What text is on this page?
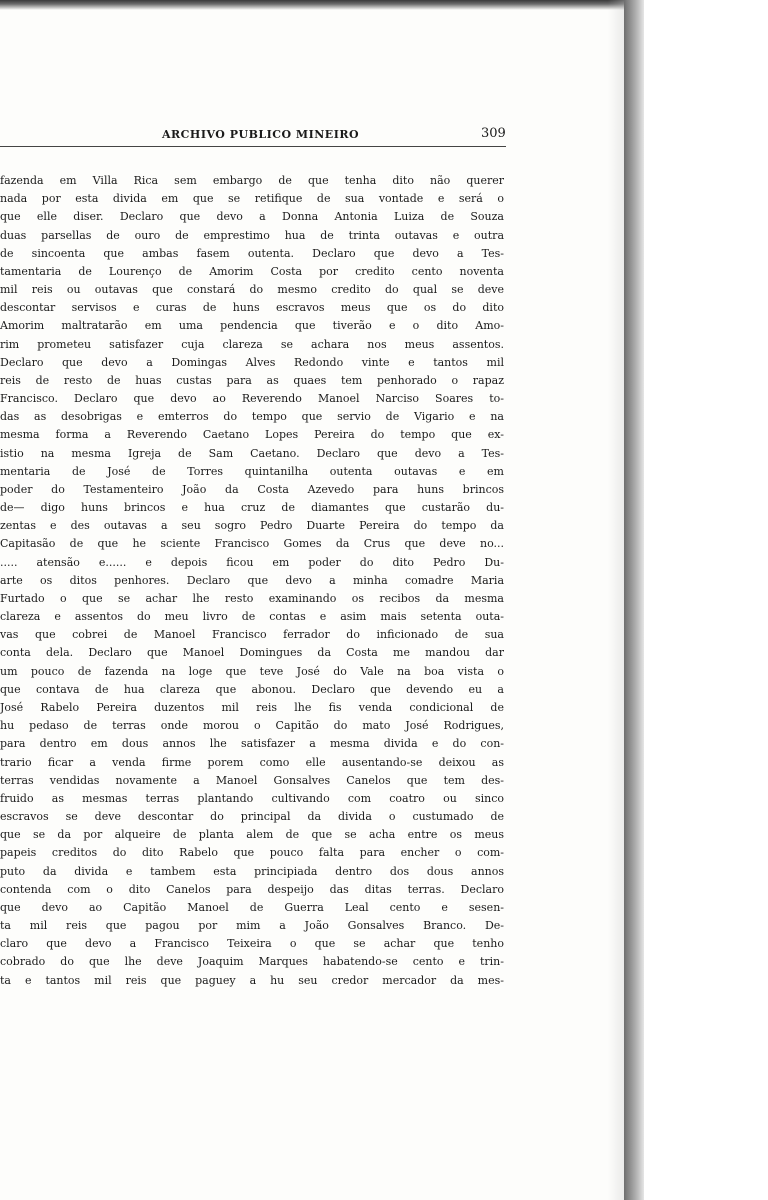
ARCHIVO PUBLICO MINEIRO	309
fazenda em Villa Rica sem embargo de que tenha dito não querer
nada por esta divida em que se retifique de sua vontade e será o
que elle diser. Declaro que devo a Donna Antonia Luiza de Souza
duas parsellas de ouro de emprestimo hua de trinta outavas e outra
de sincoenta que ambas fasem outenta. Declaro que devo a Tes-
tamentaria de Lourenço de Amorim Costa por credito cento noventa
mil reis ou outavas que constará do mesmo credito do qual se deve
descontar servisos e curas de huns escravos meus que os do dito
Amorim maltratarão em uma pendencia que tiverão e o dito Amo-
rim prometeu satisfazer cuja clareza se achara nos meus assentos.
Declaro que devo a Domingas Alves Redondo vinte e tantos mil
reis de resto de huas custas para as quaes tem penhorado o rapaz
Francisco. Declaro que devo ao Reverendo Manoel Narciso Soares to-
das as desobrigas e emterros do tempo que servio de Vigario e na
mesma forma a Reverendo Caetano Lopes Pereira do tempo que ex-
istio na mesma Igreja de Sam Caetano. Declaro que devo a Tes-
mentaria de José de Torres quintanilha outenta outavas e em
poder do Testamenteiro João da Costa Azevedo para huns brincos
de— digo huns brincos e hua cruz de diamantes que custarão du-
zentas e des outavas a seu sogro Pedro Duarte Pereira do tempo da
Capitasão de que he sciente Francisco Gomes da Crus que deve no...
..... atensão e...... e depois ficou em poder do dito Pedro Du-
arte os ditos penhores. Declaro que devo a minha comadre Maria
Furtado o que se achar lhe resto examinando os recibos da mesma
clareza e assentos do meu livro de contas e asim mais setenta outa-
vas que cobrei de Manoel Francisco ferrador do inficionado de sua
conta dela. Declaro que Manoel Domingues da Costa me mandou dar
um pouco de fazenda na loge que teve José do Vale na boa vista o
que contava de hua clareza que abonou. Declaro que devendo eu a
José Rabelo Pereira duzentos mil reis lhe fis venda condicional de
hu pedaso de terras onde morou o Capitão do mato José Rodrigues,
para dentro em dous annos lhe satisfazer a mesma divida e do con-
trario ficar a venda firme porem como elle ausentando-se deixou as
terras vendidas novamente a Manoel Gonsalves Canelos que tem des-
fruido as mesmas terras plantando cultivando com coatro ou sinco
escravos se deve descontar do principal da divida o custumado de
que se da por alqueire de planta alem de que se acha entre os meus
papeis creditos do dito Rabelo que pouco falta para encher o com-
puto da divida e tambem esta principiada dentro dos dous annos
contenda com o dito Canelos para despeijo das ditas terras. Declaro
que devo ao Capitão Manoel de Guerra Leal cento e sesen-
ta mil reis que pagou por mim a João Gonsalves Branco. De-
claro que devo a Francisco Teixeira o que se achar que tenho
cobrado do que lhe deve Joaquim Marques habatendo-se cento e trin-
ta e tantos mil reis que paguey a hu seu credor mercador da mes-
